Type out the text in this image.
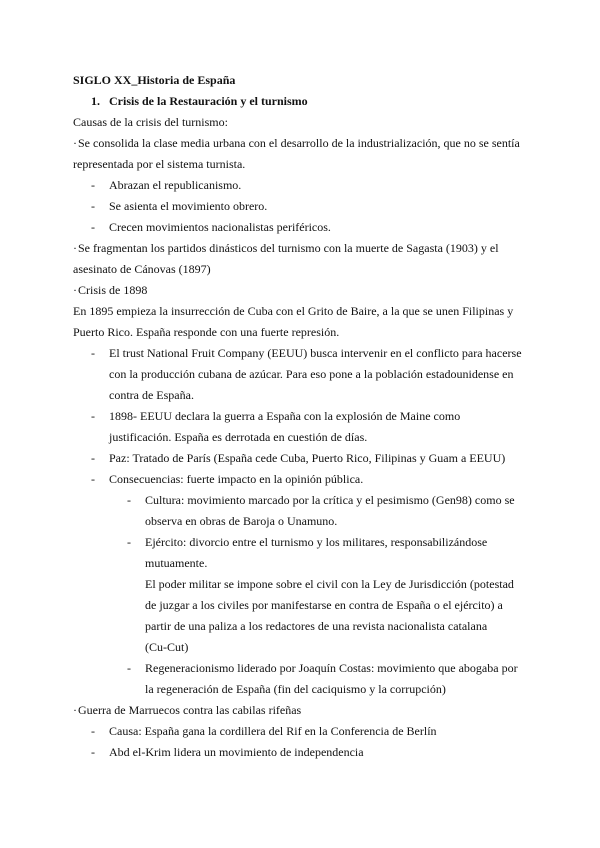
SIGLO XX_Historia de España
1. Crisis de la Restauración y el turnismo
Causas de la crisis del turnismo:
· Se consolida la clase media urbana con el desarrollo de la industrialización, que no se sentía
representada por el sistema turnista.
- Abrazan el republicanismo.
- Se asienta el movimiento obrero.
- Crecen movimientos nacionalistas periféricos.
· Se fragmentan los partidos dinásticos del turnismo con la muerte de Sagasta (1903) y el
asesinato de Cánovas (1897)
· Crisis de 1898
En 1895 empieza la insurrección de Cuba con el Grito de Baire, a la que se unen Filipinas y
Puerto Rico. España responde con una fuerte represión.
- El trust National Fruit Company (EEUU) busca intervenir en el conflicto para hacerse
con la producción cubana de azúcar. Para eso pone a la población estadounidense en
contra de España.
- 1898- EEUU declara la guerra a España con la explosión de Maine como
justificación. España es derrotada en cuestión de días.
- Paz: Tratado de París (España cede Cuba, Puerto Rico, Filipinas y Guam a EEUU)
- Consecuencias: fuerte impacto en la opinión pública.
- Cultura: movimiento marcado por la crítica y el pesimismo (Gen98) como se
observa en obras de Baroja o Unamuno.
- Ejército: divorcio entre el turnismo y los militares, responsabilizándose
mutuamente.
El poder militar se impone sobre el civil con la Ley de Jurisdicción (potestad
de juzgar a los civiles por manifestarse en contra de España o el ejército) a
partir de una paliza a los redactores de una revista nacionalista catalana
(Cu-Cut)
- Regeneracionismo liderado por Joaquín Costas: movimiento que abogaba por
la regeneración de España (fin del caciquismo y la corrupción)
· Guerra de Marruecos contra las cabilas rifeñas
- Causa: España gana la cordillera del Rif en la Conferencia de Berlín
- Abd el-Krim lidera un movimiento de independencia
